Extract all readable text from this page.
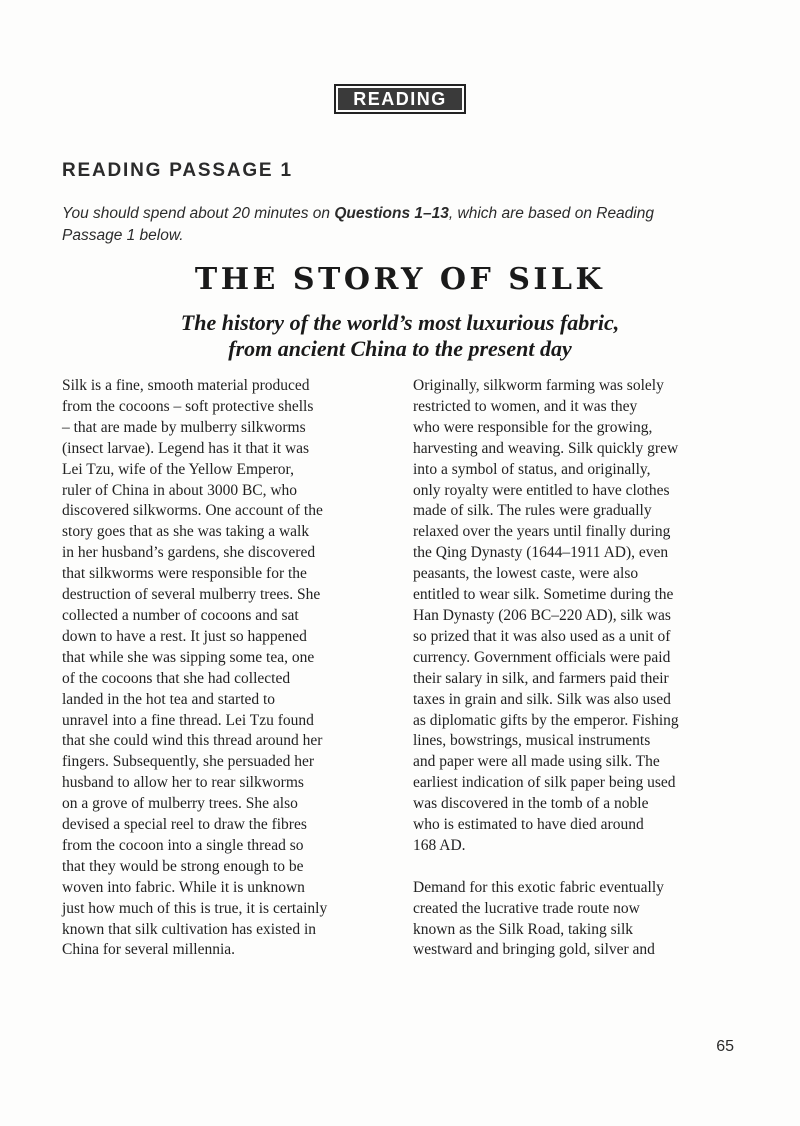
READING
READING PASSAGE 1
You should spend about 20 minutes on Questions 1–13, which are based on Reading
Passage 1 below.
THE STORY OF SILK
The history of the world’s most luxurious fabric,
from ancient China to the present day
Silk is a fine, smooth material produced
from the cocoons – soft protective shells
– that are made by mulberry silkworms
(insect larvae). Legend has it that it was
Lei Tzu, wife of the Yellow Emperor,
ruler of China in about 3000 BC, who
discovered silkworms. One account of the
story goes that as she was taking a walk
in her husband’s gardens, she discovered
that silkworms were responsible for the
destruction of several mulberry trees. She
collected a number of cocoons and sat
down to have a rest. It just so happened
that while she was sipping some tea, one
of the cocoons that she had collected
landed in the hot tea and started to
unravel into a fine thread. Lei Tzu found
that she could wind this thread around her
fingers. Subsequently, she persuaded her
husband to allow her to rear silkworms
on a grove of mulberry trees. She also
devised a special reel to draw the fibres
from the cocoon into a single thread so
that they would be strong enough to be
woven into fabric. While it is unknown
just how much of this is true, it is certainly
known that silk cultivation has existed in
China for several millennia.
Originally, silkworm farming was solely
restricted to women, and it was they
who were responsible for the growing,
harvesting and weaving. Silk quickly grew
into a symbol of status, and originally,
only royalty were entitled to have clothes
made of silk. The rules were gradually
relaxed over the years until finally during
the Qing Dynasty (1644–1911 AD), even
peasants, the lowest caste, were also
entitled to wear silk. Sometime during the
Han Dynasty (206 BC–220 AD), silk was
so prized that it was also used as a unit of
currency. Government officials were paid
their salary in silk, and farmers paid their
taxes in grain and silk. Silk was also used
as diplomatic gifts by the emperor. Fishing
lines, bowstrings, musical instruments
and paper were all made using silk. The
earliest indication of silk paper being used
was discovered in the tomb of a noble
who is estimated to have died around
168 AD.
Demand for this exotic fabric eventually
created the lucrative trade route now
known as the Silk Road, taking silk
westward and bringing gold, silver and
65
